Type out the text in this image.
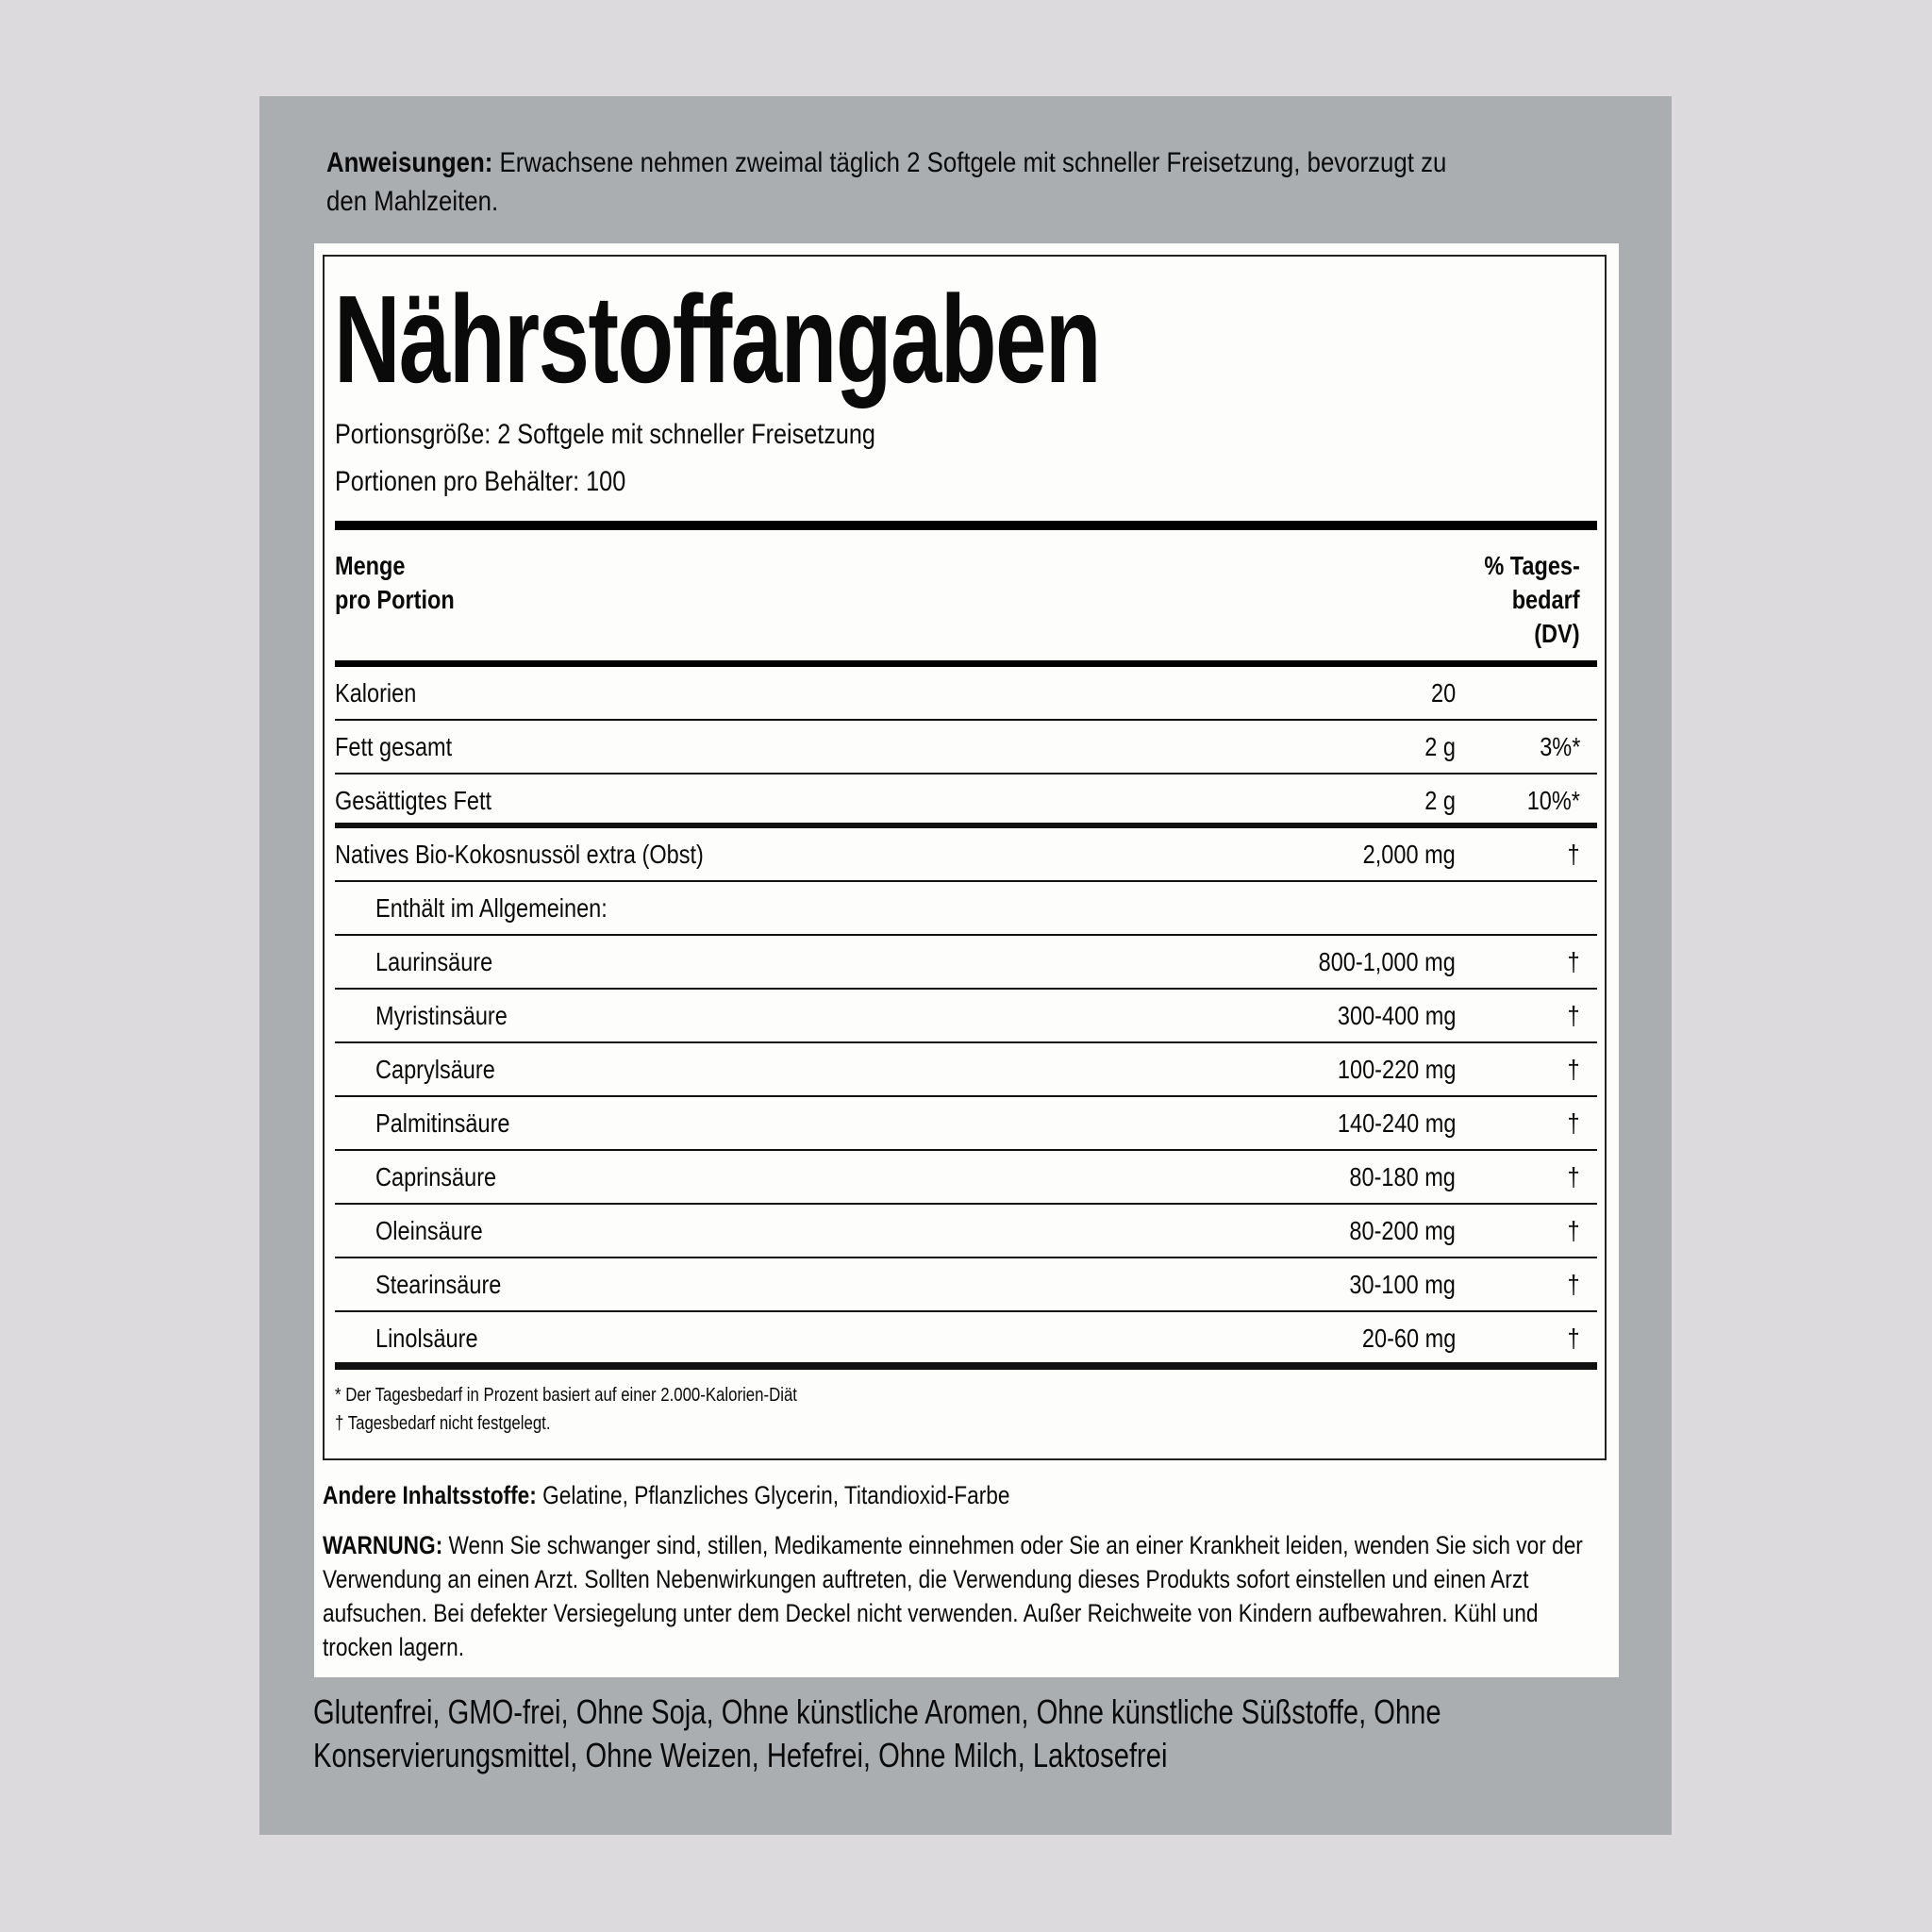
Anweisungen: Erwachsene nehmen zweimal täglich 2 Softgele mit schneller Freisetzung, bevorzugt zu
den Mahlzeiten.
Nährstoffangaben
Portionsgröße: 2 Softgele mit schneller Freisetzung
Portionen pro Behälter: 100
Menge
pro Portion
% Tages-
bedarf
(DV)
Kalorien	20
Fett gesamt	2 g	3%*
Gesättigtes Fett	2 g	10%*
Natives Bio-Kokosnussöl extra (Obst)	2,000 mg	†
Enthält im Allgemeinen:
Laurinsäure	800-1,000 mg	†
Myristinsäure	300-400 mg	†
Caprylsäure	100-220 mg	†
Palmitinsäure	140-240 mg	†
Caprinsäure	80-180 mg	†
Oleinsäure	80-200 mg	†
Stearinsäure	30-100 mg	†
Linolsäure	20-60 mg	†
* Der Tagesbedarf in Prozent basiert auf einer 2.000-Kalorien-Diät
† Tagesbedarf nicht festgelegt.
Andere Inhaltsstoffe: Gelatine, Pflanzliches Glycerin, Titandioxid-Farbe
WARNUNG: Wenn Sie schwanger sind, stillen, Medikamente einnehmen oder Sie an einer Krankheit leiden, wenden Sie sich vor der Verwendung an einen Arzt. Sollten Nebenwirkungen auftreten, die Verwendung dieses Produkts sofort einstellen und einen Arzt aufsuchen. Bei defekter Versiegelung unter dem Deckel nicht verwenden. Außer Reichweite von Kindern aufbewahren. Kühl und trocken lagern.
Glutenfrei, GMO-frei, Ohne Soja, Ohne künstliche Aromen, Ohne künstliche Süßstoffe, Ohne Konservierungsmittel, Ohne Weizen, Hefefrei, Ohne Milch, Laktosefrei
